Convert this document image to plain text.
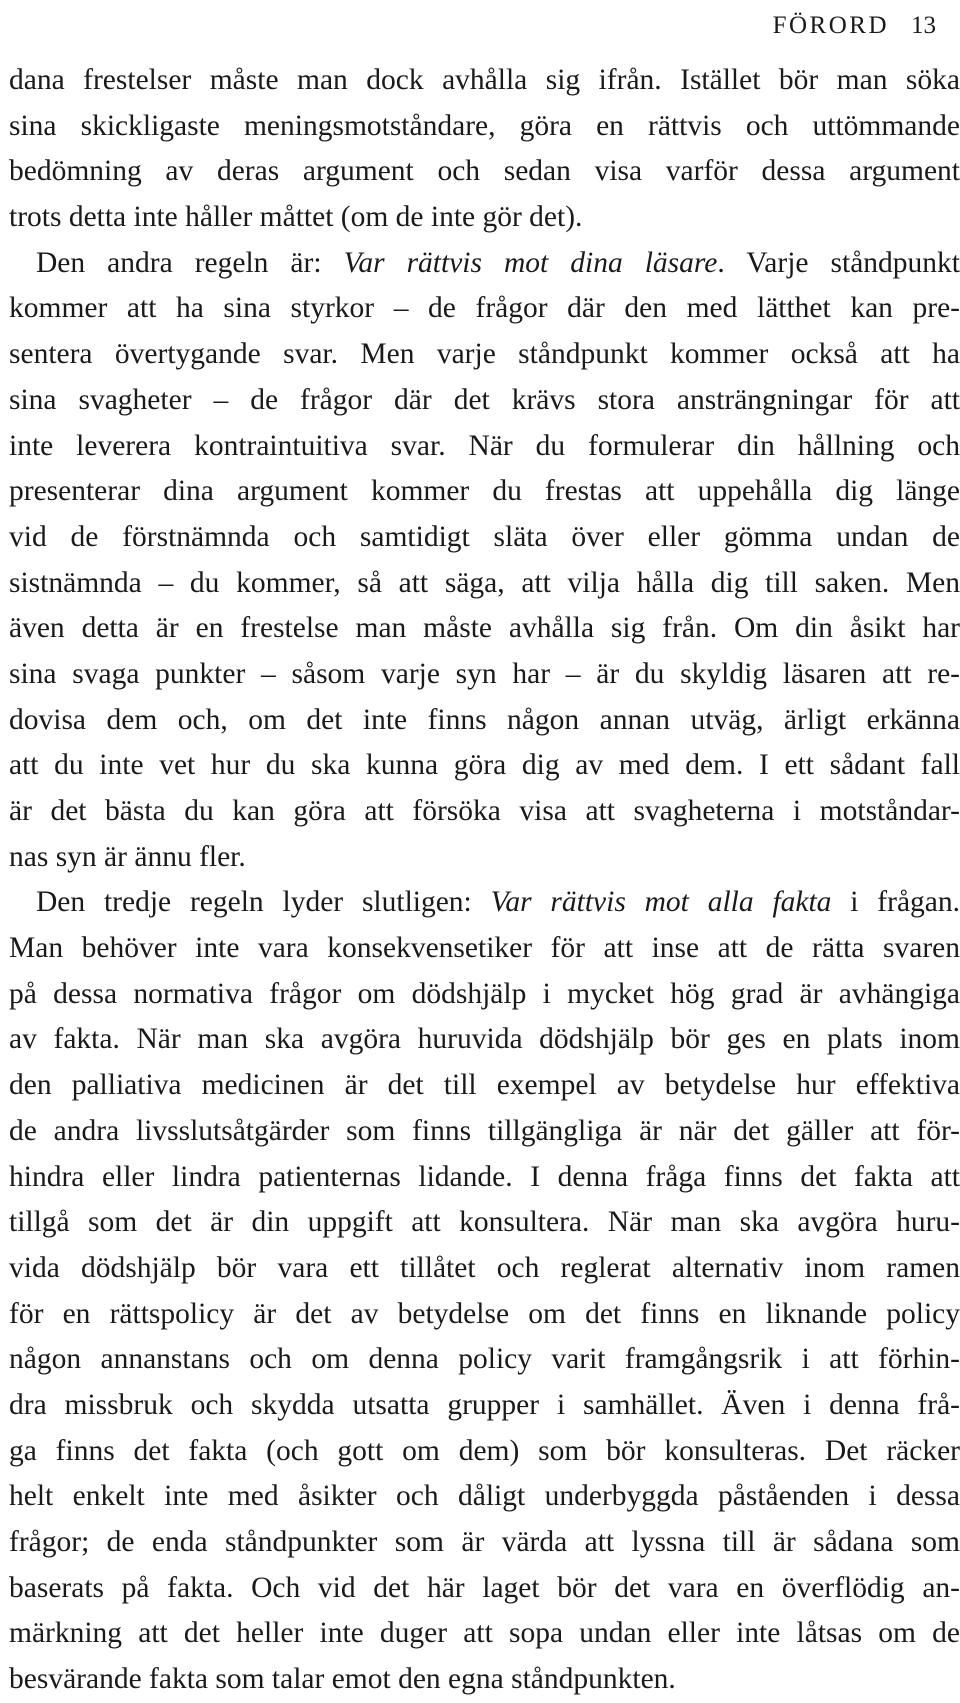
FÖRORD 13
dana frestelser måste man dock avhålla sig ifrån. Istället bör man söka
sina skickligaste meningsmotståndare, göra en rättvis och uttömmande
bedömning av deras argument och sedan visa varför dessa argument
trots detta inte håller måttet (om de inte gör det).
Den andra regeln är: Var rättvis mot dina läsare. Varje ståndpunkt
kommer att ha sina styrkor – de frågor där den med lätthet kan pre-
sentera övertygande svar. Men varje ståndpunkt kommer också att ha
sina svagheter – de frågor där det krävs stora ansträngningar för att
inte leverera kontraintuitiva svar. När du formulerar din hållning och
presenterar dina argument kommer du frestas att uppehålla dig länge
vid de förstnämnda och samtidigt släta över eller gömma undan de
sistnämnda – du kommer, så att säga, att vilja hålla dig till saken. Men
även detta är en frestelse man måste avhålla sig från. Om din åsikt har
sina svaga punkter – såsom varje syn har – är du skyldig läsaren att re-
dovisa dem och, om det inte finns någon annan utväg, ärligt erkänna
att du inte vet hur du ska kunna göra dig av med dem. I ett sådant fall
är det bästa du kan göra att försöka visa att svagheterna i motståndar-
nas syn är ännu fler.
Den tredje regeln lyder slutligen: Var rättvis mot alla fakta i frågan.
Man behöver inte vara konsekvensetiker för att inse att de rätta svaren
på dessa normativa frågor om dödshjälp i mycket hög grad är avhängiga
av fakta. När man ska avgöra huruvida dödshjälp bör ges en plats inom
den palliativa medicinen är det till exempel av betydelse hur effektiva
de andra livsslutsåtgärder som finns tillgängliga är när det gäller att för-
hindra eller lindra patienternas lidande. I denna fråga finns det fakta att
tillgå som det är din uppgift att konsultera. När man ska avgöra huru-
vida dödshjälp bör vara ett tillåtet och reglerat alternativ inom ramen
för en rättspolicy är det av betydelse om det finns en liknande policy
någon annanstans och om denna policy varit framgångsrik i att förhin-
dra missbruk och skydda utsatta grupper i samhället. Även i denna frå-
ga finns det fakta (och gott om dem) som bör konsulteras. Det räcker
helt enkelt inte med åsikter och dåligt underbyggda påståenden i dessa
frågor; de enda ståndpunkter som är värda att lyssna till är sådana som
baserats på fakta. Och vid det här laget bör det vara en överflödig an-
märkning att det heller inte duger att sopa undan eller inte låtsas om de
besvärande fakta som talar emot den egna ståndpunkten.
